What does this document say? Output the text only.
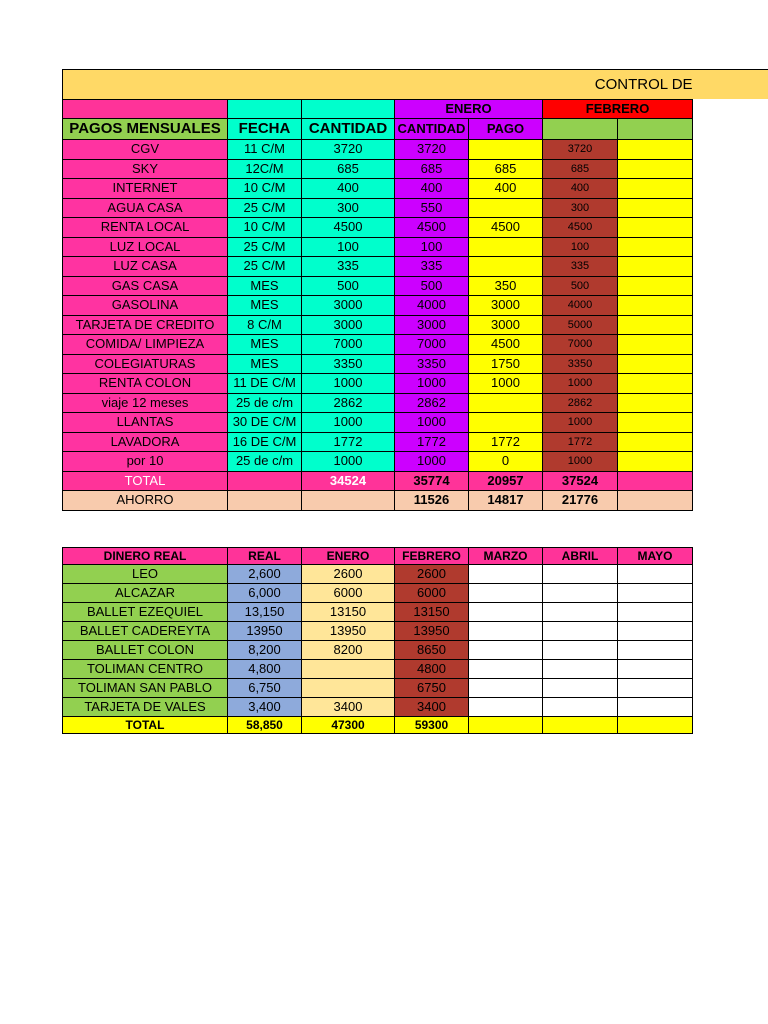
CONTROL DE						
			ENERO		FEBRERO	
PAGOS MENSUALES	FECHA	CANTIDAD	CANTIDAD	PAGO		
CGV	11 C/M	3720	3720		3720	
SKY	12C/M	685	685	685	685	
INTERNET	10 C/M	400	400	400	400	
AGUA CASA	25 C/M	300	550		300	
RENTA LOCAL	10 C/M	4500	4500	4500	4500	
LUZ LOCAL	25 C/M	100	100		100	
LUZ CASA	25 C/M	335	335		335	
GAS CASA	MES	500	500	350	500	
GASOLINA	MES	3000	4000	3000	4000	
TARJETA DE CREDITO	8 C/M	3000	3000	3000	5000	
COMIDA/ LIMPIEZA	MES	7000	7000	4500	7000	
COLEGIATURAS	MES	3350	3350	1750	3350	
RENTA COLON	11 DE C/M	1000	1000	1000	1000	
viaje 12 meses	25 de c/m	2862	2862		2862	
LLANTAS	30 DE C/M	1000	1000		1000	
LAVADORA	16 DE C/M	1772	1772	1772	1772	
por 10	25 de c/m	1000	1000	0	1000	
TOTAL		34524	35774	20957	37524	
AHORRO			11526	14817	21776	
DINERO REAL	REAL	ENERO	FEBRERO	MARZO	ABRIL	MAYO
LEO	2,600	2600	2600			
ALCAZAR	6,000	6000	6000			
BALLET EZEQUIEL	13,150	13150	13150			
BALLET CADEREYTA	13950	13950	13950			
BALLET COLON	8,200	8200	8650			
TOLIMAN CENTRO	4,800		4800			
TOLIMAN SAN PABLO	6,750		6750			
TARJETA DE VALES	3,400	3400	3400			
TOTAL	58,850	47300	59300			
